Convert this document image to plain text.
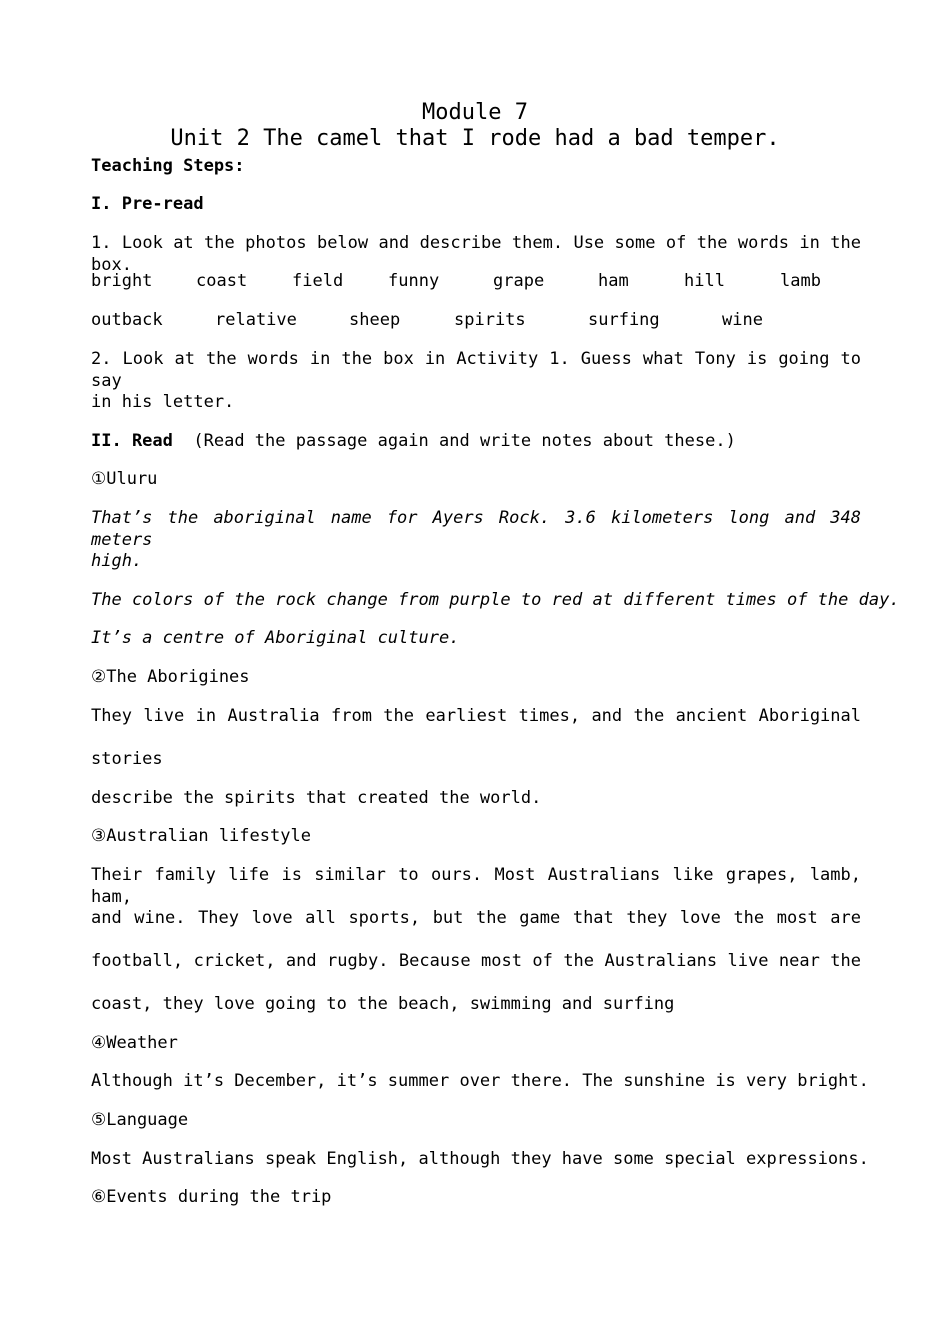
Module 7
Unit 2 The camel that I rode had a bad temper.
Teaching Steps:
I. Pre-read
1. Look at the photos below and describe them. Use some of the words in the box.
bright	coast	field	funny	grape	ham	hill	lamb
outback	relative	sheep	spirits	surfing	wine
2. Look at the words in the box in Activity 1. Guess what Tony is going to say
in his letter.
II. Read (Read the passage again and write notes about these.)
①Uluru
That’s the aboriginal name for Ayers Rock. 3.6 kilometers long and 348 meters
high.
The colors of the rock change from purple to red at different times of the day.
It’s a centre of Aboriginal culture.
②The Aborigines
They live in Australia from the earliest times, and the ancient Aboriginal
stories
describe the spirits that created the world.
③Australian lifestyle
Their family life is similar to ours. Most Australians like grapes, lamb, ham,
and wine. They love all sports, but the game that they love the most are
football, cricket, and rugby. Because most of the Australians live near the
coast, they love going to the beach, swimming and surfing
④Weather
Although it’s December, it’s summer over there. The sunshine is very bright.
⑤Language
Most Australians speak English, although they have some special expressions.
⑥Events during the trip
